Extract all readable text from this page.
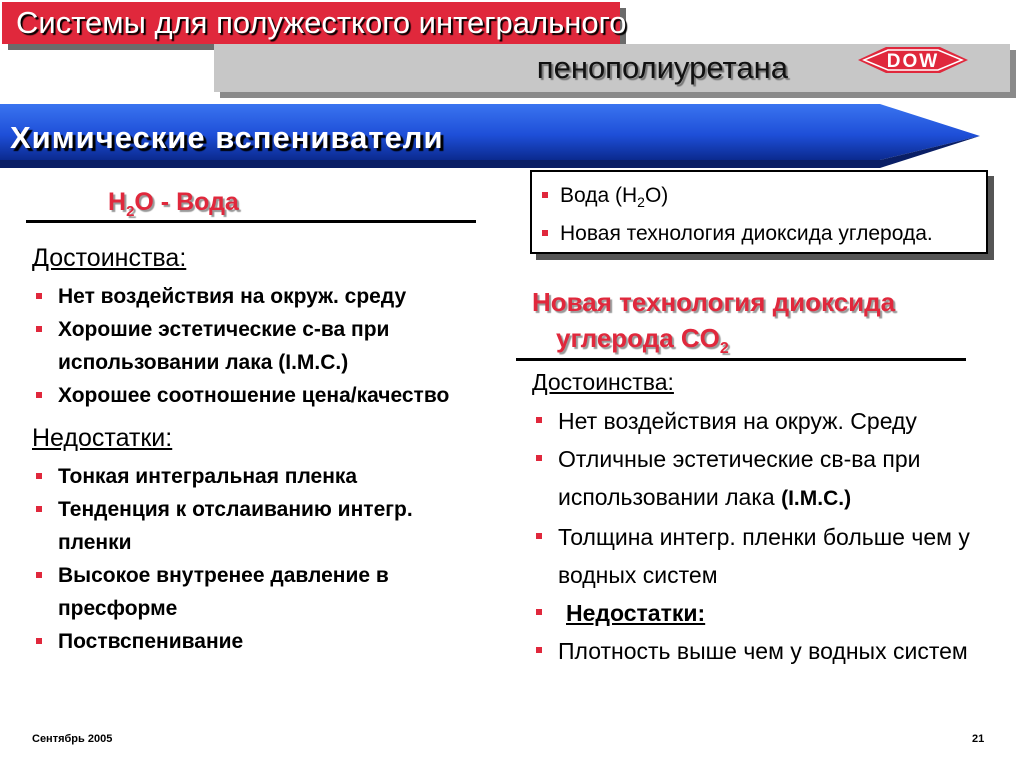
Системы для полужесткого интегрального
пенополиуретана	DOW
Химические вспениватели
Вода $(H_2O)$
Новая технология диоксида углерода.
$H_2O$ - Вода
Достоинства:
Нет воздействия на окруж. среду
Хорошие эстетические с-ва при использовании лака (I.M.C.)
Хорошее соотношение цена/качество
Недостатки:
Тонкая интегральная пленка
Тенденция к отслаиванию интегр. пленки
Высокое внутренее давление в пресформе
Поствспенивание
Новая технология диоксида
углерода $CO_2$
Достоинства:
Нет воздействия на окруж. Среду
Отличные эстетические св-ва при использовании лака (I.M.C.)
Толщина интегр. пленки больше чем у водных систем
Недостатки:
Плотность выше чем у водных систем
Сентябрь 2005	21
